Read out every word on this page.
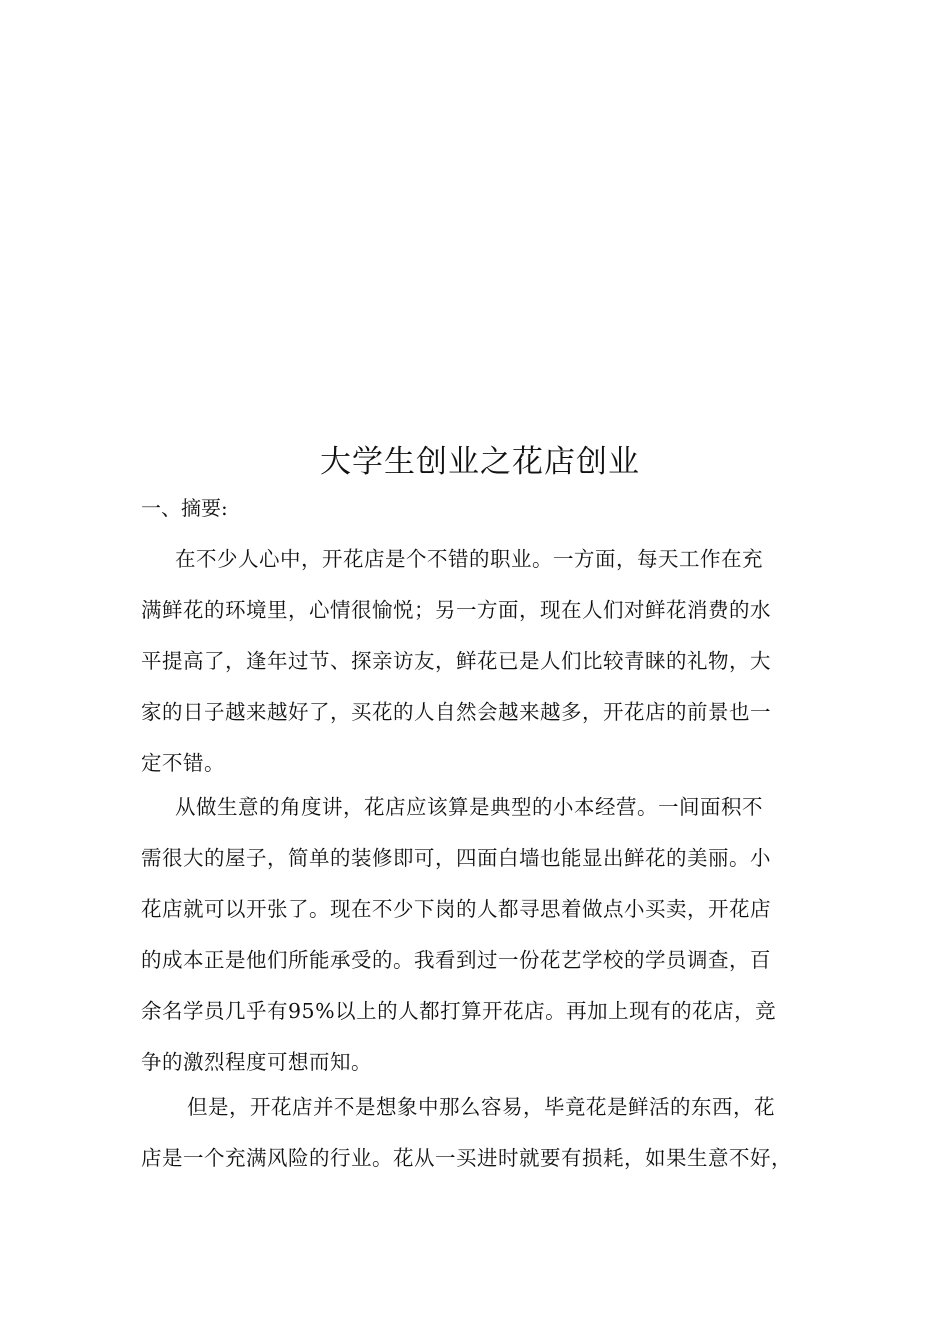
大学生创业之花店创业
一、摘要:
在不少人心中，开花店是个不错的职业。一方面，每天工作在充
满鲜花的环境里，心情很愉悦；另一方面，现在人们对鲜花消费的水
平提高了，逢年过节、探亲访友，鲜花已是人们比较青睐的礼物，大
家的日子越来越好了，买花的人自然会越来越多，开花店的前景也一
定不错。
从做生意的角度讲，花店应该算是典型的小本经营。一间面积不
需很大的屋子，简单的装修即可，四面白墙也能显出鲜花的美丽。小
花店就可以开张了。现在不少下岗的人都寻思着做点小买卖，开花店
的成本正是他们所能承受的。我看到过一份花艺学校的学员调查，百
余名学员几乎有95%以上的人都打算开花店。再加上现有的花店，竞
争的激烈程度可想而知。
但是，开花店并不是想象中那么容易，毕竟花是鲜活的东西，花
店是一个充满风险的行业。花从一买进时就要有损耗，如果生意不好，
